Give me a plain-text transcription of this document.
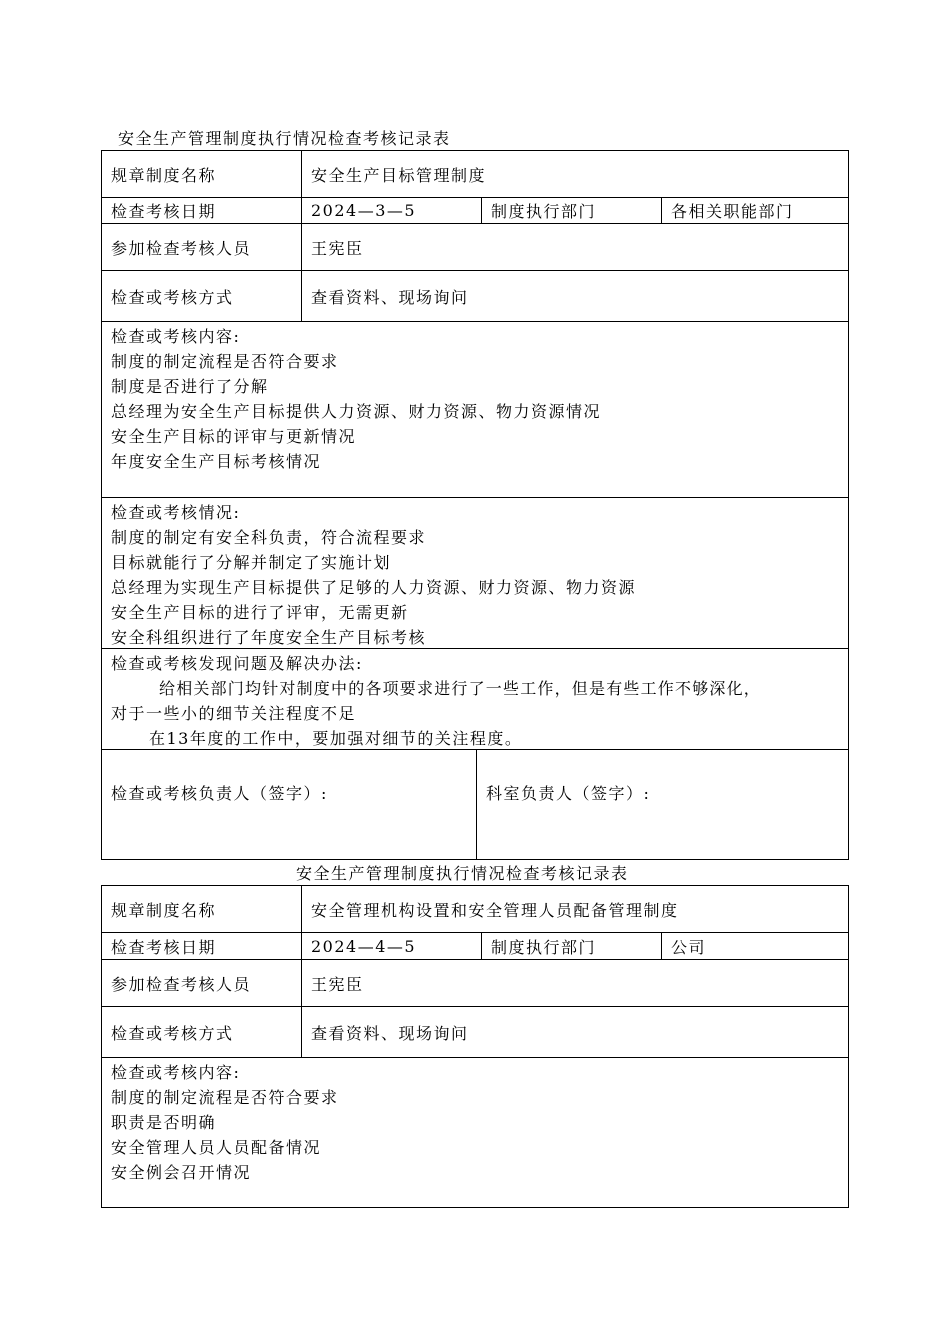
安全生产管理制度执行情况检查考核记录表
规章制度名称	安全生产目标管理制度
检查考核日期	2024—3—5	制度执行部门	各相关职能部门
参加检查考核人员	王宪臣
检查或考核方式	查看资料、现场询问
检查或考核内容:
制度的制定流程是否符合要求
制度是否进行了分解
总经理为安全生产目标提供人力资源、财力资源、物力资源情况
安全生产目标的评审与更新情况
年度安全生产目标考核情况
检查或考核情况:
制度的制定有安全科负责，符合流程要求
目标就能行了分解并制定了实施计划
总经理为实现生产目标提供了足够的人力资源、财力资源、物力资源
安全生产目标的进行了评审，无需更新
安全科组织进行了年度安全生产目标考核
检查或考核发现问题及解决办法:
给相关部门均针对制度中的各项要求进行了一些工作，但是有些工作不够深化，
对于一些小的细节关注程度不足
在13年度的工作中，要加强对细节的关注程度。
检查或考核负责人（签字）:	科室负责人（签字）:
安全生产管理制度执行情况检查考核记录表
规章制度名称	安全管理机构设置和安全管理人员配备管理制度
检查考核日期	2024—4—5	制度执行部门	公司
参加检查考核人员	王宪臣
检查或考核方式	查看资料、现场询问
检查或考核内容:
制度的制定流程是否符合要求
职责是否明确
安全管理人员人员配备情况
安全例会召开情况
